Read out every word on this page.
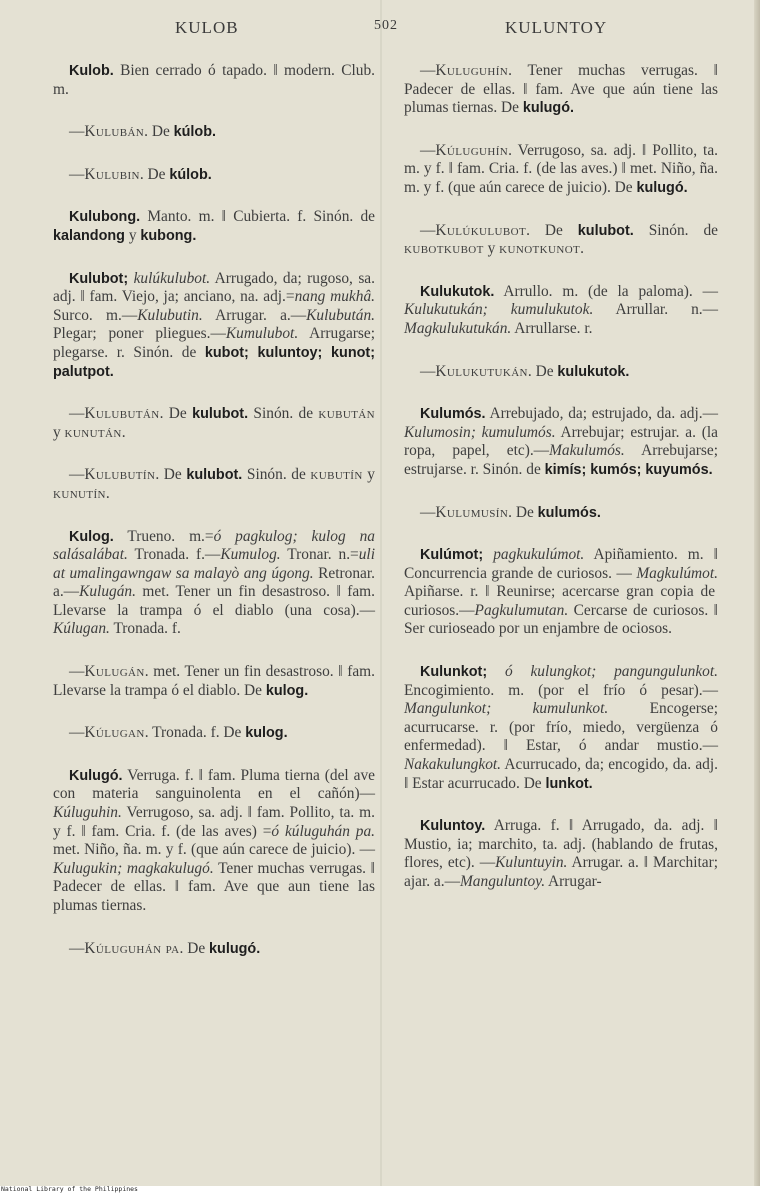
KULOB	502	KULUNTOY

Kulob. Bien cerrado ó tapado. ‖ modern. Club. m.

—Kulubán. De kúlob.

—Kulubin. De kúlob.

Kulubong. Manto. m. ‖ Cubierta. f. Sinón. de kalandong y kubong.

Kulubot; kulúkulubot. Arrugado, da; rugoso, sa. adj. ‖ fam. Viejo, ja; anciano, na. adj.=nang mukhâ. Surco. m.—Kulubutin. Arrugar. a.—Kulubután. Plegar; poner pliegues.—Kumulubot. Arrugarse; plegarse. r. Sinón. de kubot; kuluntoy; kunot; palutpot.

—Kulubután. De kulubot. Sinón. de kubután y kunután.

—Kulubutín. De kulubot. Sinón. de kubutín y kunutín.

Kulog. Trueno. m.=ó pagkulog; kulog na salásalábat. Tronada. f.—Kumulog. Tronar. n.=uli at umalingawngaw sa malayò ang úgong. Retronar. a.—Kulugán. met. Tener un fin desastroso. ‖ fam. Llevarse la trampa ó el diablo (una cosa).—Kúlugan. Tronada. f.

—Kulugán. met. Tener un fin desastroso. ‖ fam. Llevarse la trampa ó el diablo. De kulog.

—Kúlugan. Tronada. f. De kulog.

Kulugó. Verruga. f. ‖ fam. Pluma tierna (del ave con materia sanguinolenta en el cañón)—Kúluguhin. Verrugoso, sa. adj. ‖ fam. Pollito, ta. m. y f. ‖ fam. Cria. f. (de las aves) =ó kúluguhán pa. met. Niño, ña. m. y f. (que aún carece de juicio). —Kulugukin; magkakulugó. Tener muchas verrugas. ‖ Padecer de ellas. ‖ fam. Ave que aun tiene las plumas tiernas.

—Kúluguhán pa. De kulugó.

—Kuluguhín. Tener muchas verrugas. ‖ Padecer de ellas. ‖ fam. Ave que aún tiene las plumas tiernas. De kulugó.

—Kúluguhín. Verrugoso, sa. adj. ‖ Pollito, ta. m. y f. ‖ fam. Cria. f. (de las aves.) ‖ met. Niño, ña. m. y f. (que aún carece de juicio). De kulugó.

—Kulúkulubot. De kulubot. Sinón. de kubotkubot y kunotkunot.

Kulukutok. Arrullo. m. (de la paloma). — Kulukutukán; kumulukutok. Arrullar. n.—Magkulukutukán. Arrullarse. r.

—Kulukutukán. De kulukutok.

Kulumós. Arrebujado, da; estrujado, da. adj.—Kulumosin; kumulumós. Arrebujar; estrujar. a. (la ropa, papel, etc).—Makulumós. Arrebujarse; estrujarse. r. Sinón. de kimís; kumós; kuyumós.

—Kulumusín. De kulumós.

Kulúmot; pagkukulúmot. Apiñamiento. m. ‖ Concurrencia grande de curiosos. — Magkulúmot. Apiñarse. r. ‖ Reunirse; acercarse gran copia de curiosos.—Pagkulumutan. Cercarse de curiosos. ‖ Ser curioseado por un enjambre de ociosos.

Kulunkot; ó kulungkot; pangungulunkot. Encogimiento. m. (por el frío ó pesar).—Mangulunkot; kumulunkot. Encogerse; acurrucarse. r. (por frío, miedo, vergüenza ó enfermedad). ‖ Estar, ó andar mustio.—Nakakulungkot. Acurrucado, da; encogido, da. adj. ‖ Estar acurrucado. De lunkot.

Kuluntoy. Arruga. f. ‖ Arrugado, da. adj. ‖ Mustio, ia; marchito, ta. adj. (hablando de frutas, flores, etc). —Kuluntuyin. Arrugar. a. ‖ Marchitar; ajar. a.—Manguluntoy. Arrugar-

National Library of the Philippines
